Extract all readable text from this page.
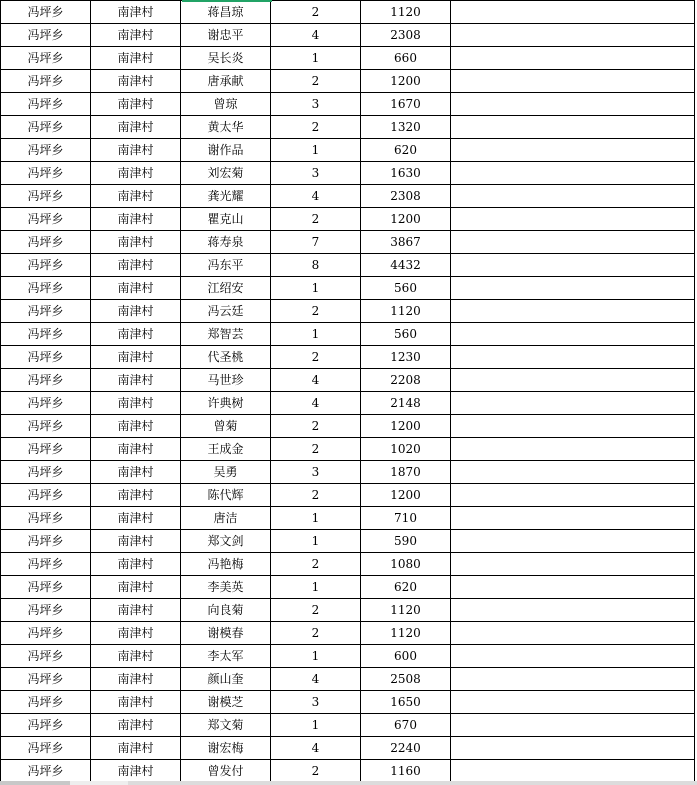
冯坪乡	南津村	蒋昌琼	2	1120	
冯坪乡	南津村	谢忠平	4	2308	
冯坪乡	南津村	吴长炎	1	660	
冯坪乡	南津村	唐承献	2	1200	
冯坪乡	南津村	曾琼	3	1670	
冯坪乡	南津村	黄太华	2	1320	
冯坪乡	南津村	谢作品	1	620	
冯坪乡	南津村	刘宏菊	3	1630	
冯坪乡	南津村	龚光耀	4	2308	
冯坪乡	南津村	瞿克山	2	1200	
冯坪乡	南津村	蒋寿泉	7	3867	
冯坪乡	南津村	冯东平	8	4432	
冯坪乡	南津村	江绍安	1	560	
冯坪乡	南津村	冯云廷	2	1120	
冯坪乡	南津村	郑智芸	1	560	
冯坪乡	南津村	代圣桃	2	1230	
冯坪乡	南津村	马世珍	4	2208	
冯坪乡	南津村	许典树	4	2148	
冯坪乡	南津村	曾菊	2	1200	
冯坪乡	南津村	王成金	2	1020	
冯坪乡	南津村	吴勇	3	1870	
冯坪乡	南津村	陈代辉	2	1200	
冯坪乡	南津村	唐洁	1	710	
冯坪乡	南津村	郑文剑	1	590	
冯坪乡	南津村	冯艳梅	2	1080	
冯坪乡	南津村	李美英	1	620	
冯坪乡	南津村	向良菊	2	1120	
冯坪乡	南津村	谢模春	2	1120	
冯坪乡	南津村	李太军	1	600	
冯坪乡	南津村	颜山奎	4	2508	
冯坪乡	南津村	谢模芝	3	1650	
冯坪乡	南津村	郑文菊	1	670	
冯坪乡	南津村	谢宏梅	4	2240	
冯坪乡	南津村	曾发付	2	1160	
